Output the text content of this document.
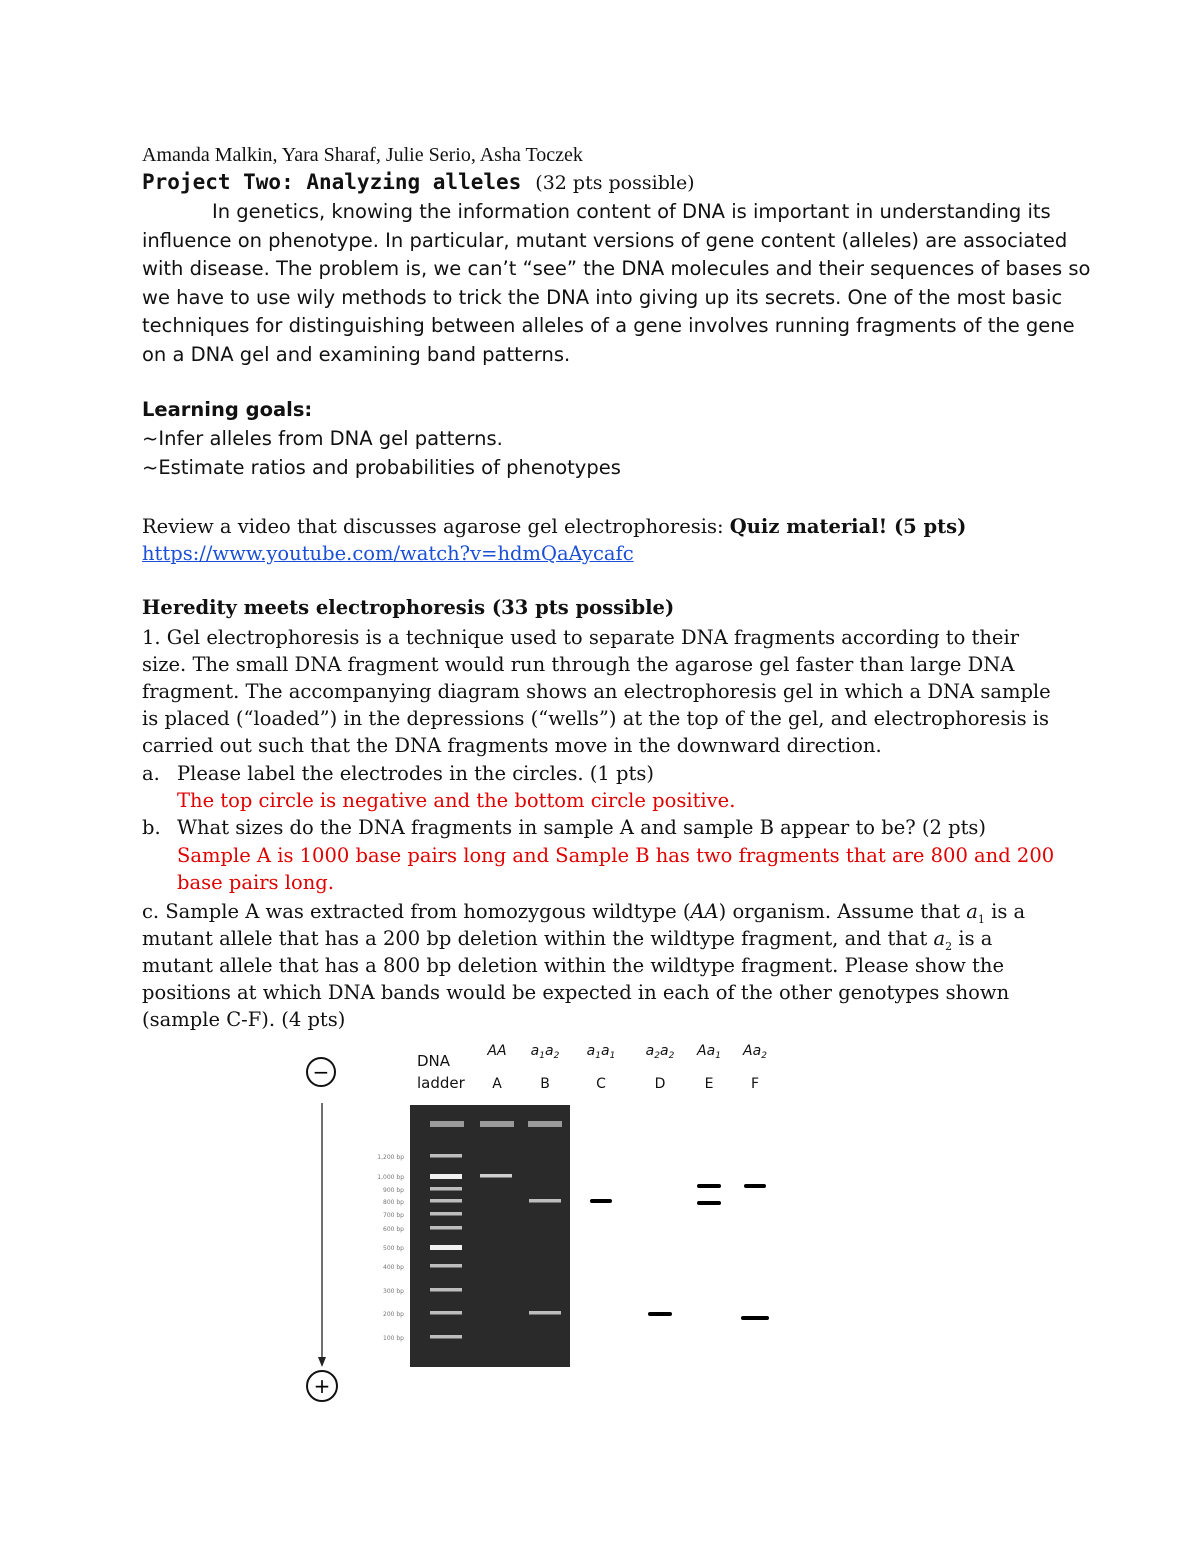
Amanda Malkin, Yara Sharaf, Julie Serio, Asha Toczek
Project Two: Analyzing alleles (32 pts possible)
In genetics, knowing the information content of DNA is important in understanding its
influence on phenotype. In particular, mutant versions of gene content (alleles) are associated
with disease. The problem is, we can’t “see” the DNA molecules and their sequences of bases so
we have to use wily methods to trick the DNA into giving up its secrets. One of the most basic
techniques for distinguishing between alleles of a gene involves running fragments of the gene
on a DNA gel and examining band patterns.
Learning goals:
~Infer alleles from DNA gel patterns.
~Estimate ratios and probabilities of phenotypes
Review a video that discusses agarose gel electrophoresis: Quiz material! (5 pts)
https://www.youtube.com/watch?v=hdmQaAycafc
Heredity meets electrophoresis (33 pts possible)
1. Gel electrophoresis is a technique used to separate DNA fragments according to their
size. The small DNA fragment would run through the agarose gel faster than large DNA
fragment. The accompanying diagram shows an electrophoresis gel in which a DNA sample
is placed (“loaded”) in the depressions (“wells”) at the top of the gel, and electrophoresis is
carried out such that the DNA fragments move in the downward direction.
a. Please label the electrodes in the circles. (1 pts)
The top circle is negative and the bottom circle positive.
b. What sizes do the DNA fragments in sample A and sample B appear to be? (2 pts)
Sample A is 1000 base pairs long and Sample B has two fragments that are 800 and 200
base pairs long.
c. Sample A was extracted from homozygous wildtype (AA) organism. Assume that $a_1$ is a
mutant allele that has a 200 bp deletion within the wildtype fragment, and that $a_2$ is a
mutant allele that has a 800 bp deletion within the wildtype fragment. Please show the
positions at which DNA bands would be expected in each of the other genotypes shown
(sample C-F). (4 pts)
−
+
DNA
ladder
AA
A
$a_1a_2$
B
$a_1a_1$
C
$a_2a_2$
D
$Aa_1$
E
$Aa_2$
F
1,200 bp
1,000 bp
900 bp
800 bp
700 bp
600 bp
500 bp
400 bp
300 bp
200 bp
100 bp
